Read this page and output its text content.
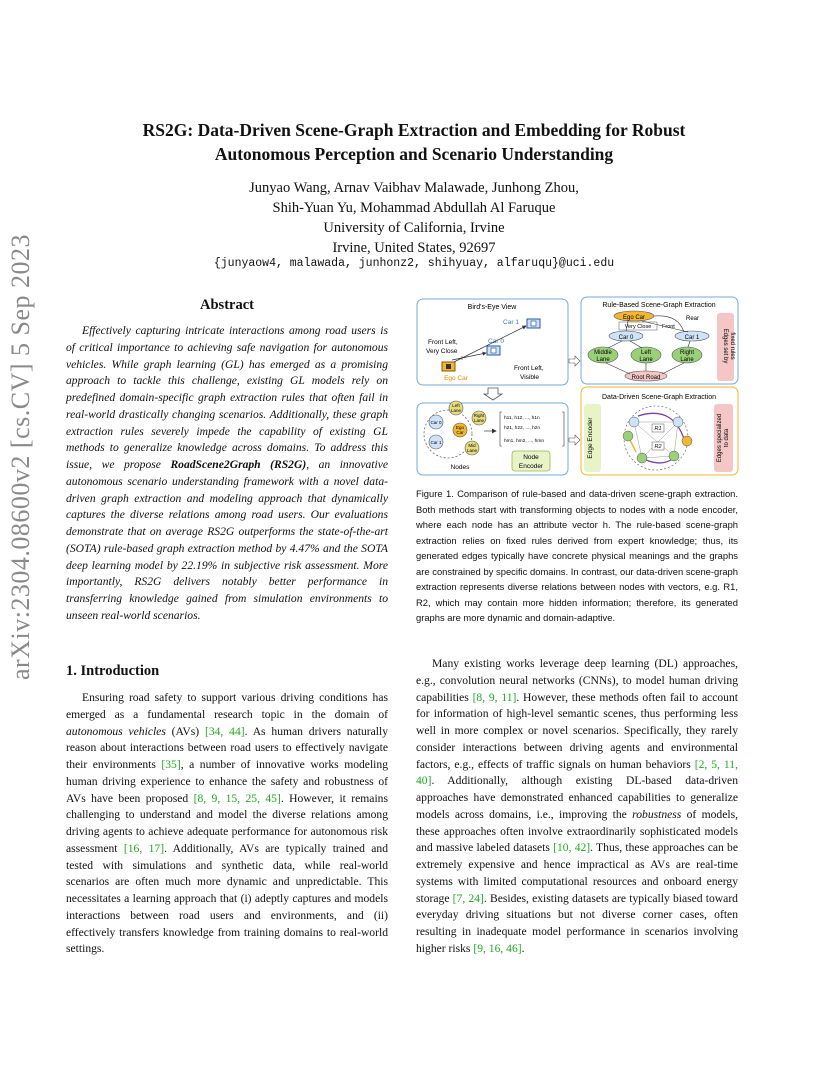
RS2G: Data-Driven Scene-Graph Extraction and Embedding for Robust
Autonomous Perception and Scenario Understanding
Junyao Wang, Arnav Vaibhav Malawade, Junhong Zhou,
Shih-Yuan Yu, Mohammad Abdullah Al Faruque
University of California, Irvine
Irvine, United States, 92697
{junyaow4, malawada, junhonz2, shihyuay, alfaruqu}@uci.edu
arXiv:2304.08600v2 [cs.CV] 5 Sep 2023	Abstract

Effectively capturing intricate interactions among road users is of critical importance to achieving safe navigation for autonomous vehicles. While graph learning (GL) has emerged as a promising approach to tackle this challenge, existing GL models rely on predefined domain-specific graph extraction rules that often fail in real-world drastically changing scenarios. Additionally, these graph extraction rules severely impede the capability of existing GL methods to generalize knowledge across domains. To address this issue, we propose RoadScene2Graph (RS2G), an innovative autonomous scenario understanding framework with a novel data-driven graph extraction and modeling approach that dynamically captures the diverse relations among road users. Our evaluations demonstrate that on average RS2G outperforms the state-of-the-art (SOTA) rule-based graph extraction method by 4.47% and the SOTA deep learning model by 22.19% in subjective risk assessment. More importantly, RS2G delivers notably better performance in transferring knowledge gained from simulation environments to unseen real-world scenarios.

1. Introduction

Ensuring road safety to support various driving conditions has emerged as a fundamental research topic in the domain of autonomous vehicles (AVs) [34, 44]. As human drivers naturally reason about interactions between road users to effectively navigate their environments [35], a number of innovative works modeling human driving experience to enhance the safety and robustness of AVs have been proposed [8, 9, 15, 25, 45]. However, it remains challenging to understand and model the diverse relations among driving agents to achieve adequate performance for autonomous risk assessment [16, 17]. Additionally, AVs are typically trained and tested with simulations and synthetic data, while real-world scenarios are often much more dynamic and unpredictable. This necessitates a learning approach that (i) adeptly captures and models interactions between road users and environments, and (ii) effectively transfers knowledge from training domains to real-world settings.

Bird's-Eye View
Car 1
Car 0
Ego Car
Front Left,
Very Close
Front Left,
Visible
Left
Lane
Right
Lane
Car 0
Ego
Car
Car 1
Mid
Lane
Nodes
h11, h12, ..., h1n
h21, h22, ..., h2n
hm1, hm2, ..., hmn
Node
Encoder
Rule-Based Scene-Graph Extraction
Ego Car	Rear
Very Close Front
Car 0	Car 1
Middle
Lane
Left
Lane
Right
Lane
Root Road
Edges set by fixed rules
Data-Driven Scene-Graph Extraction
Edge Encoder	Edges specialized to data
R1
R2
Figure 1. Comparison of rule-based and data-driven scene-graph extraction. Both methods start with transforming objects to nodes with a node encoder, where each node has an attribute vector h. The rule-based scene-graph extraction relies on fixed rules derived from expert knowledge; thus, its generated edges typically have concrete physical meanings and the graphs are constrained by specific domains. In contrast, our data-driven scene-graph extraction represents diverse relations between nodes with vectors, e.g. R1, R2, which may contain more hidden information; therefore, its generated graphs are more dynamic and domain-adaptive.

Many existing works leverage deep learning (DL) approaches, e.g., convolution neural networks (CNNs), to model human driving capabilities [8, 9, 11]. However, these methods often fail to account for information of high-level semantic scenes, thus performing less well in more complex or novel scenarios. Specifically, they rarely consider interactions between driving agents and environmental factors, e.g., effects of traffic signals on human behaviors [2, 5, 11, 40]. Additionally, although existing DL-based data-driven approaches have demonstrated enhanced capabilities to generalize models across domains, i.e., improving the robustness of models, these approaches often involve extraordinarily sophisticated models and massive labeled datasets [10, 42]. Thus, these approaches can be extremely expensive and hence impractical as AVs are real-time systems with limited computational resources and onboard energy storage [7, 24]. Besides, existing datasets are typically biased toward everyday driving situations but not diverse corner cases, often resulting in inadequate model performance in scenarios involving higher risks [9, 16, 46].
